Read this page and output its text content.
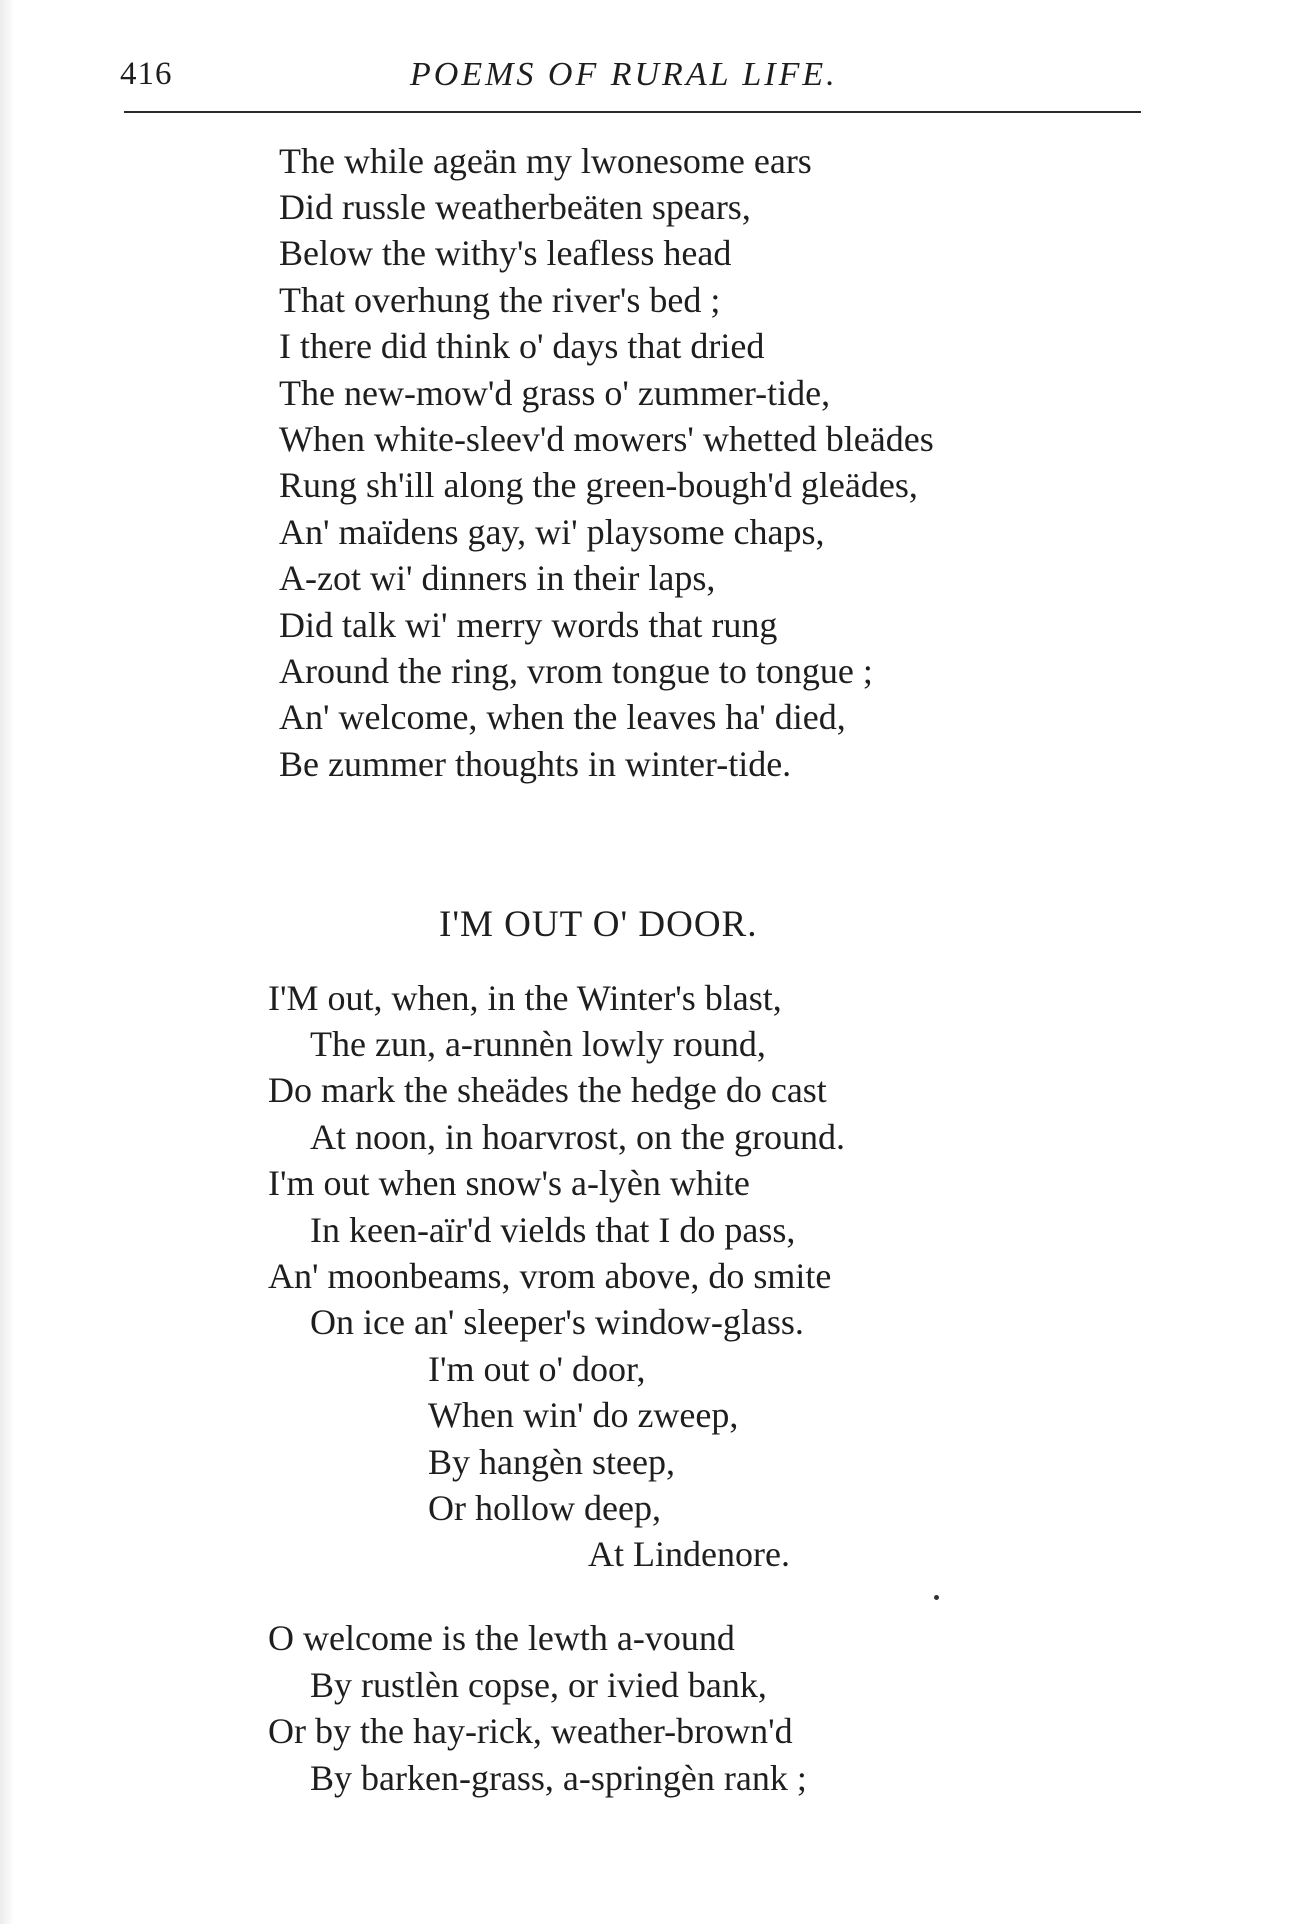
416	POEMS OF RURAL LIFE.
The while ageän my lwonesome ears
Did russle weatherbeäten spears,
Below the withy's leafless head
That overhung the river's bed ;
I there did think o' days that dried
The new-mow'd grass o' zummer-tide,
When white-sleev'd mowers' whetted bleädes
Rung sh'ill along the green-bough'd gleädes,
An' maïdens gay, wi' playsome chaps,
A-zot wi' dinners in their laps,
Did talk wi' merry words that rung
Around the ring, vrom tongue to tongue ;
An' welcome, when the leaves ha' died,
Be zummer thoughts in winter-tide.
I'M OUT O' DOOR.
I'M out, when, in the Winter's blast,
The zun, a-runnèn lowly round,
Do mark the sheädes the hedge do cast
At noon, in hoarvrost, on the ground.
I'm out when snow's a-lyèn white
In keen-aïr'd vields that I do pass,
An' moonbeams, vrom above, do smite
On ice an' sleeper's window-glass.
I'm out o' door,
When win' do zweep,
By hangèn steep,
Or hollow deep,
At Lindenore.
O welcome is the lewth a-vound
By rustlèn copse, or ivied bank,
Or by the hay-rick, weather-brown'd
By barken-grass, a-springèn rank ;
